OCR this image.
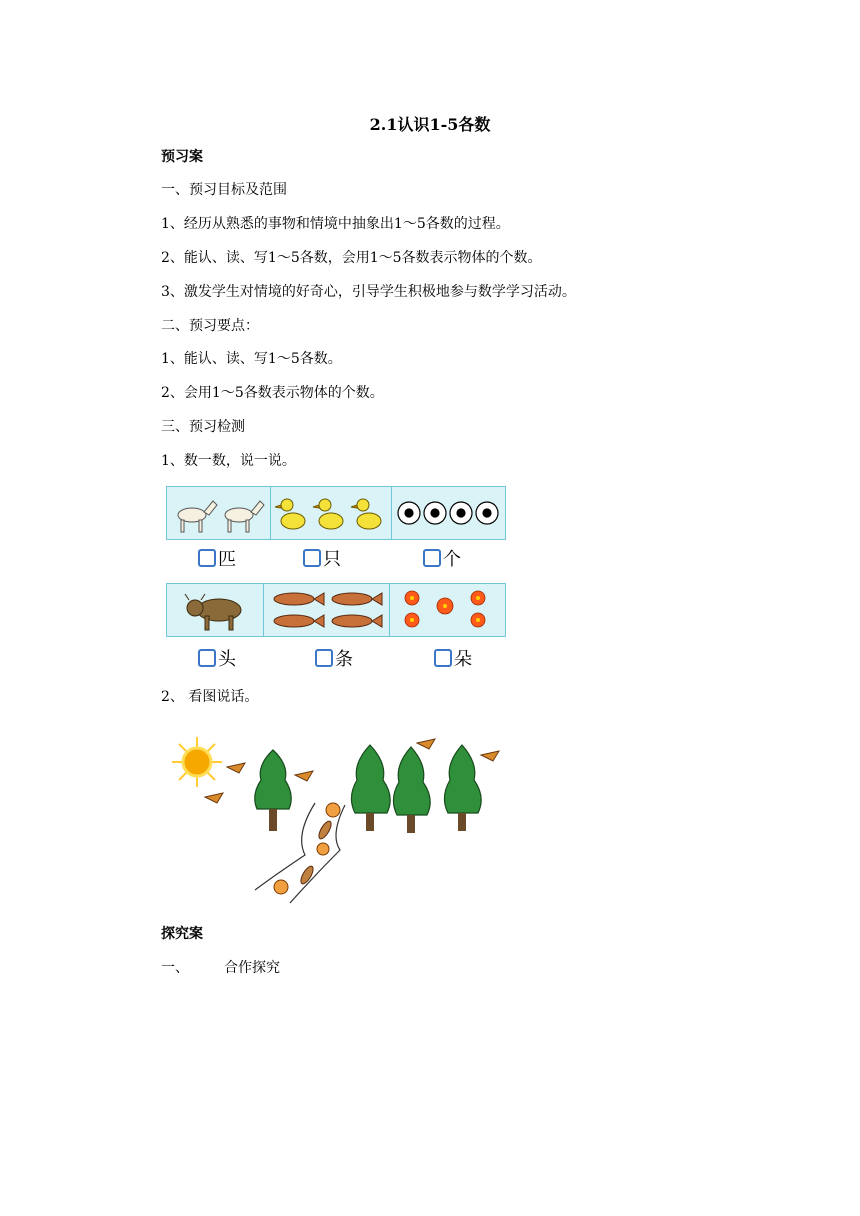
2.1认识1-5各数
预习案
一、预习目标及范围
1、经历从熟悉的事物和情境中抽象出1～5各数的过程。
2、能认、读、写1～5各数，会用1～5各数表示物体的个数。
3、激发学生对情境的好奇心，引导学生积极地参与数学学习活动。
二、预习要点：
1、能认、读、写1～5各数。
2、会用1～5各数表示物体的个数。
三、预习检测
1、数一数，说一说。
匹	只	个
头	条	朵
2、 看图说话。
探究案
一、	合作探究
